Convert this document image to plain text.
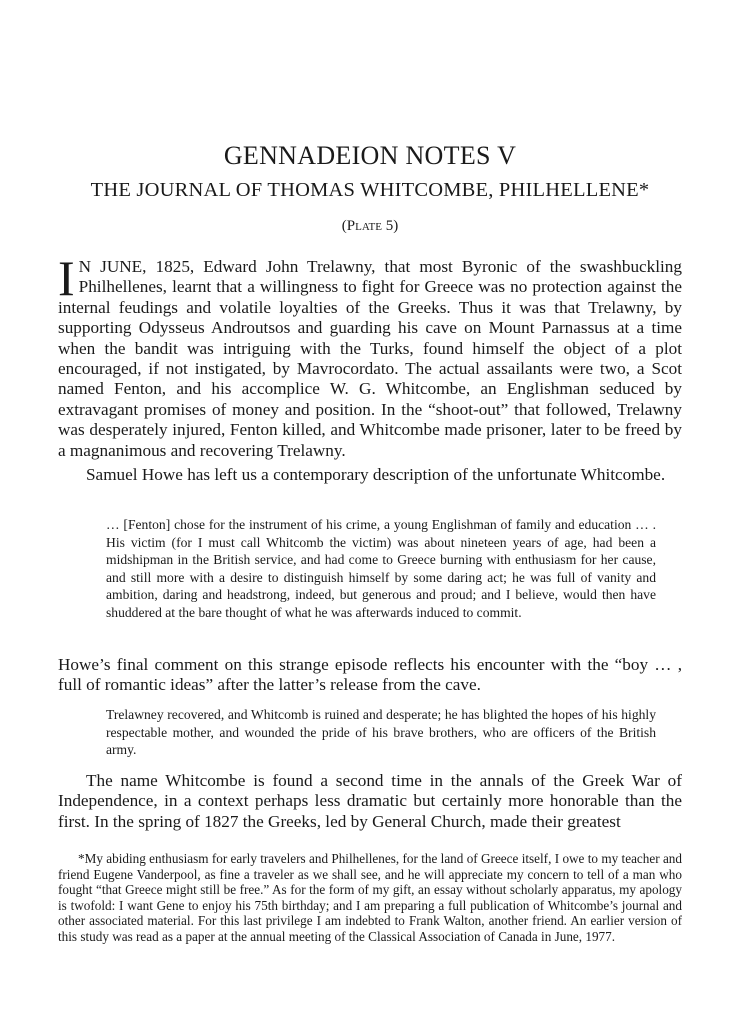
GENNADEION NOTES V
THE JOURNAL OF THOMAS WHITCOMBE, PHILHELLENE*
(Plate 5)

I N JUNE, 1825, Edward John Trelawny, that most Byronic of the swashbuckling Philhellenes, learnt that a willingness to fight for Greece was no protection against the internal feudings and volatile loyalties of the Greeks. Thus it was that Trelawny, by supporting Odysseus Androutsos and guarding his cave on Mount Parnassus at a time when the bandit was intriguing with the Turks, found himself the object of a plot encouraged, if not instigated, by Mavrocordato. The actual assailants were two, a Scot named Fenton, and his accomplice W. G. Whitcombe, an Englishman seduced by extravagant promises of money and position. In the “shoot-out” that followed, Trelawny was desperately injured, Fenton killed, and Whitcombe made prisoner, later to be freed by a magnanimous and recovering Trelawny.

Samuel Howe has left us a contemporary description of the unfortunate Whitcombe.

… [Fenton] chose for the instrument of his crime, a young Englishman of family and education … . His victim (for I must call Whitcomb the victim) was about nineteen years of age, had been a midshipman in the British service, and had come to Greece burning with enthusiasm for her cause, and still more with a desire to distinguish himself by some daring act; he was full of vanity and ambition, daring and headstrong, indeed, but generous and proud; and I believe, would then have shuddered at the bare thought of what he was afterwards induced to commit.

Howe’s final comment on this strange episode reflects his encounter with the “boy … , full of romantic ideas” after the latter’s release from the cave.

Trelawney recovered, and Whitcomb is ruined and desperate; he has blighted the hopes of his highly respectable mother, and wounded the pride of his brave brothers, who are officers of the British army.

The name Whitcombe is found a second time in the annals of the Greek War of Independence, in a context perhaps less dramatic but certainly more honorable than the first. In the spring of 1827 the Greeks, led by General Church, made their greatest

*My abiding enthusiasm for early travelers and Philhellenes, for the land of Greece itself, I owe to my teacher and friend Eugene Vanderpool, as fine a traveler as we shall see, and he will appreciate my concern to tell of a man who fought “that Greece might still be free.” As for the form of my gift, an essay without scholarly apparatus, my apology is twofold: I want Gene to enjoy his 75th birthday; and I am preparing a full publication of Whitcombe’s journal and other associated material. For this last privilege I am indebted to Frank Walton, another friend. An earlier version of this study was read as a paper at the annual meeting of the Classical Association of Canada in June, 1977.
